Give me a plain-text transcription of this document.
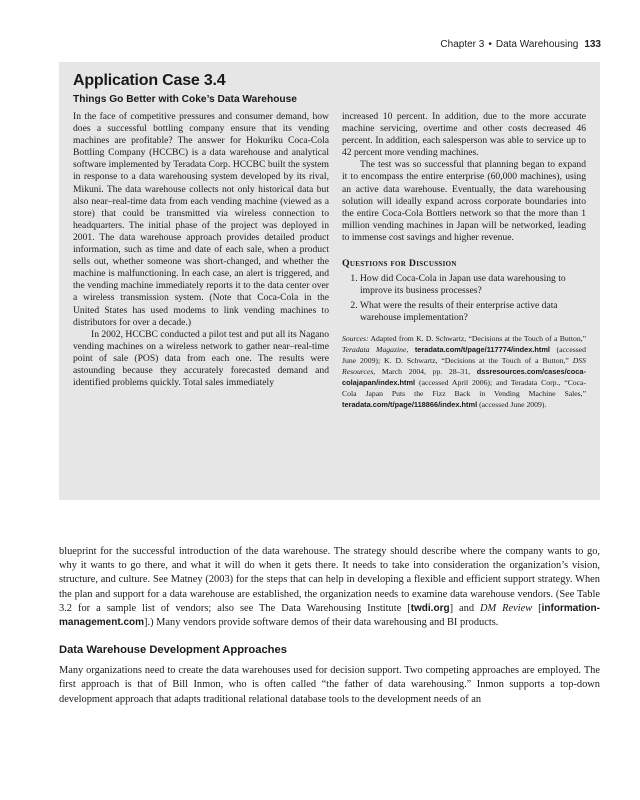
Chapter 3 • Data Warehousing 133
Application Case 3.4
Things Go Better with Coke’s Data Warehouse

In the face of competitive pressures and consumer demand, how does a successful bottling company ensure that its vending machines are profitable? The answer for Hokuriku Coca-Cola Bottling Company (HCCBC) is a data warehouse and analytical software implemented by Teradata Corp. HCCBC built the system in response to a data warehousing system developed by its rival, Mikuni. The data warehouse collects not only historical data but also near–real-time data from each vending machine (viewed as a store) that could be transmitted via wireless connection to headquarters. The initial phase of the project was deployed in 2001. The data warehouse approach provides detailed product information, such as time and date of each sale, when a product sells out, whether someone was short-changed, and whether the machine is malfunctioning. In each case, an alert is triggered, and the vending machine immediately reports it to the data center over a wireless transmission system. (Note that Coca-Cola in the United States has used modems to link vending machines to distributors for over a decade.)

In 2002, HCCBC conducted a pilot test and put all its Nagano vending machines on a wireless network to gather near–real-time point of sale (POS) data from each one. The results were astounding because they accurately forecasted demand and identified problems quickly. Total sales immediately

increased 10 percent. In addition, due to the more accurate machine servicing, overtime and other costs decreased 46 percent. In addition, each salesperson was able to service up to 42 percent more vending machines.

The test was so successful that planning began to expand it to encompass the entire enterprise (60,000 machines), using an active data warehouse. Eventually, the data warehousing solution will ideally expand across corporate boundaries into the entire Coca-Cola Bottlers network so that the more than 1 million vending machines in Japan will be networked, leading to immense cost savings and higher revenue.

Questions for Discussion
1. How did Coca-Cola in Japan use data warehousing to improve its business processes?
2. What were the results of their enterprise active data warehouse implementation?
Sources: Adapted from K. D. Schwartz, “Decisions at the Touch of a Button,” Teradata Magazine, teradata.com/t/page/117774/index.html (accessed June 2009); K. D. Schwartz, “Decisions at the Touch of a Button,” DSS Resources, March 2004, pp. 28–31, dssresources.com/cases/coca-colajapan/index.html (accessed April 2006); and Teradata Corp., “Coca-Cola Japan Puts the Fizz Back in Vending Machine Sales,” teradata.com/t/page/118866/index.html (accessed June 2009).

blueprint for the successful introduction of the data warehouse. The strategy should describe where the company wants to go, why it wants to go there, and what it will do when it gets there. It needs to take into consideration the organization’s vision, structure, and culture. See Matney (2003) for the steps that can help in developing a flexible and efficient support strategy. When the plan and support for a data warehouse are established, the organization needs to examine data warehouse vendors. (See Table 3.2 for a sample list of vendors; also see The Data Warehousing Institute [twdi.org] and DM Review [information-management.com].) Many vendors provide software demos of their data warehousing and BI products.

Data Warehouse Development Approaches

Many organizations need to create the data warehouses used for decision support. Two competing approaches are employed. The first approach is that of Bill Inmon, who is often called “the father of data warehousing.” Inmon supports a top-down development approach that adapts traditional relational database tools to the development needs of an
